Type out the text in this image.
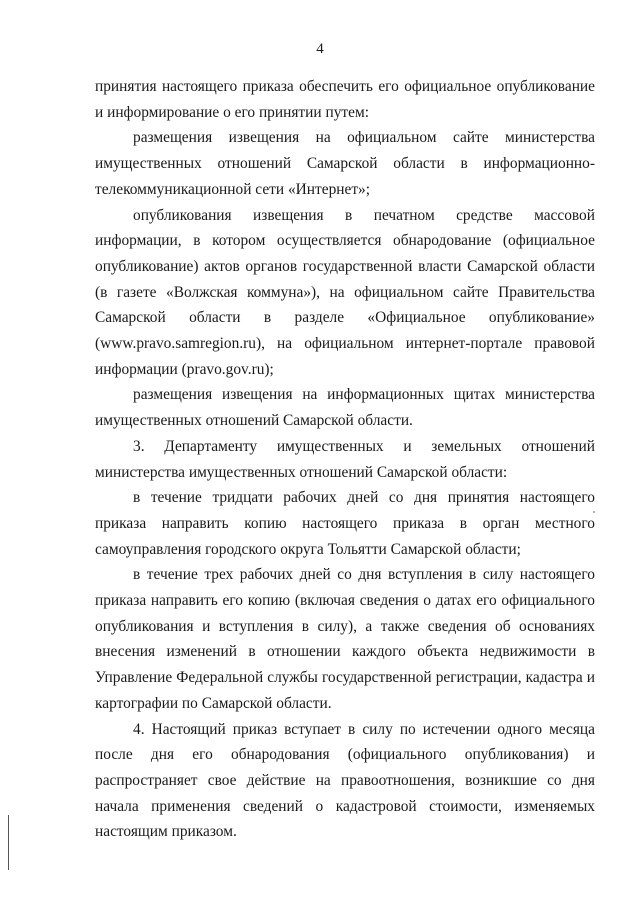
4

принятия настоящего приказа обеспечить его официальное опубликование и информирование о его принятии путем:

размещения извещения на официальном сайте министерства имущественных отношений Самарской области в информационно-телекоммуникационной сети «Интернет»;

опубликования извещения в печатном средстве массовой информации, в котором осуществляется обнародование (официальное опубликование) актов органов государственной власти Самарской области (в газете «Волжская коммуна»), на официальном сайте Правительства Самарской области в разделе «Официальное опубликование» (www.pravo.samregion.ru), на официальном интернет-портале правовой информации (pravo.gov.ru);

размещения извещения на информационных щитах министерства имущественных отношений Самарской области.

3. Департаменту имущественных и земельных отношений министерства имущественных отношений Самарской области:

в течение тридцати рабочих дней со дня принятия настоящего приказа направить копию настоящего приказа в орган местного самоуправления городского округа Тольятти Самарской области;

в течение трех рабочих дней со дня вступления в силу настоящего приказа направить его копию (включая сведения о датах его официального опубликования и вступления в силу), а также сведения об основаниях внесения изменений в отношении каждого объекта недвижимости в Управление Федеральной службы государственной регистрации, кадастра и картографии по Самарской области.

4. Настоящий приказ вступает в силу по истечении одного месяца после дня его обнародования (официального опубликования) и распространяет свое действие на правоотношения, возникшие со дня начала применения сведений о кадастровой стоимости, изменяемых настоящим приказом.
